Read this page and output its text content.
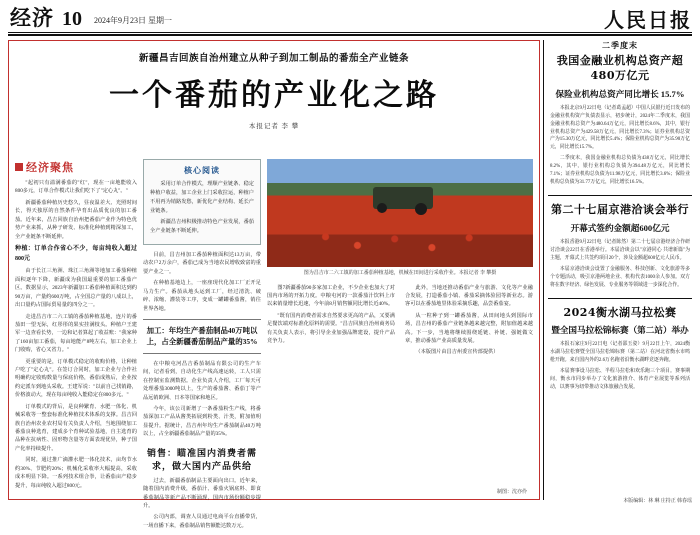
经济 10 2024年9月23日 星期一	人民日报
新疆昌吉回族自治州建立从种子到加工制品的番茄全产业链条
一个番茄的产业化之路
本报记者 李 攀
经济聚焦

"起初只有溢满番茄的"红"，现在一亩地能收入800多元，订单合作模式让我们吃下了"定心丸"。"

新疆番茄种植历史悠久，昼夜温差大、光照时间长，得天独厚的自然条件孕育出品质优良的加工番茄。近年来，昌吉回族自治州把番茄产业作为特色优势产业来抓，从种子研发、标准化种植到精深加工，全产业链条不断延伸。

种植：订单合作省心不少，每亩纯收入超过800元

由于长江三角洲、珠江三角洲等地加工番茄种植面积逐年下降，新疆成为我国最重要的加工番茄产区。数据显示，2023年新疆加工番茄种植面积达到约90万亩，产量约600万吨，占全国总产量的八成以上，出口量约占国际贸易量的四分之一。

走进昌吉市二六工镇的番茄种植基地，连片的番茄田一望无际，红彤彤的果实挂满枝头。种植户王建军一边查看长势，一边和记者算起了收益账："我家种了160亩加工番茄，每亩地能产8吨左右，加工企业上门收购，省心又省力。"

更重要的是，订单模式稳定的收购价格，让种植户吃了"定心丸"。在签订合同时，加工企业与合作社明确约定收购数量与保底价格，番茄成熟后，企业按约定派车到地头采收。王建军说："以前自己找销路，价格波动大，现在每亩纯收入能稳定在800多元。"

订单模式的背后，是良种繁育、水肥一体化、机械采收等一整套标准化种植技术体系的支撑。昌吉回族自治州农业农村局有关负责人介绍，当地围绕加工番茄良种选育，建成多个育种试验基地，自主选育的品种在抗病性、固形物含量等方面表现优异，种子国产化率持续提升。

同时，通过推广滴灌水肥一体化技术，亩均节水约30%、节肥约20%；机械化采收率大幅提高，采收成本明显下降。一系列技术组合拳，让番茄亩产稳步提升，每亩纯收入超过800元。

核心阅读

采用订单合作模式，理顺产业链条、稳定种植户收益，加工企业上门采收拉运，种植户不用再为销路发愁，新优化产业结构、延长产业链条。

新疆昌吉州积极推动特色产业发展，番茄全产业链条不断延伸。

目前，昌吉州加工番茄种植面积达13万亩，带动农户2万余户，番茄已成为当地农民增收致富的重要产业之一。

在种植基地边上，一座座现代化加工厂正开足马力生产。番茄从地头运到工厂，经过清洗、破碎、浓缩、灌装等工序，变成一罐罐番茄酱，销往世界各地。

加工：年均生产番茄制品40万吨以上，占全新疆番茄制品产量的35%

在中粮屯河昌吉番茄制品有限公司的生产车间，记者看到，自动化生产线高速运转，工人只需在控制室监测数据。企业负责人介绍，工厂每天可处理番茄3000吨以上，生产的番茄酱、番茄丁等产品远销欧洲、日本等国家和地区。

今年，该公司新增了一条番茄粉生产线，将番茄深加工产品从酱类拓展到粉类、汁类，附加值明显提升。据统计，昌吉州年均生产番茄制品40万吨以上，占全新疆番茄制品产量的35%。

销售：瞄准国内消费者需求，做大国内产品供给

过去，新疆番茄制品主要面向出口。近年来，随着国内消费升级，番茄汁、番茄火锅底料、即食番茄制品等新产品不断涌现，国内市场份额稳步提升。

公司内部，调查人员通过电商平台直播带货，一场直播下来，番茄制品销售额能达数万元。

图为昌吉市二六工镇的加工番茄种植基地，机械在田间进行采收作业。本报记者 李 攀摄

图7新疆番茄90多家加工企业，不少企业也加大了对国内市场的开拓力度。中粮屯河的一款番茄汁饮料上市以来销量增长迅速，今年前8月销售额同比增长近40%。

"既有国内消费者需求自然要求更高的产品，又要满足餐饮端对标准化原料的需要。"昌吉回族自治州商务局有关负责人表示，将引导企业加强品牌建设，提升产品竞争力。

此外，当地还推动番茄产业与旅游、文化等产业融合发展，打造番茄小镇、番茄采摘体验园等新业态。游客可以在番茄地里体验采摘乐趣，品尝番茄宴。

从一粒种子到一罐番茄酱，从田间地头到国际市场，昌吉州的番茄产业链条越来越完整，附加值越来越高。下一步，当地将继续围绕延链、补链、强链做文章，推动番茄产业高质量发展。

（本版图片由昌吉州委宣传部提供）

制图：沈亦伶
二季度末
我国金融业机构总资产超480万亿元
保险业机构总资产同比增长 15.7%

本报北京9月22日电（记者葛孟超）中国人民银行近日发布的金融业机构资产负债表显示，初步统计，2024年二季度末，我国金融业机构总资产为480.64万亿元，同比增长8.6%，其中，银行业机构总资产为429.58万亿元，同比增长7.3%；证券业机构总资产为15.30万亿元，同比增长5.4%；保险业机构总资产为35.90万亿元，同比增长15.7%。

二季度末，我国金融业机构总负债为438万亿元，同比增长8.2%，其中，银行业机构总负债为394.48万亿元，同比增长7.1%；证券业机构总负债为11.98万亿元，同比增长3.6%；保险业机构总负债为31.77万亿元，同比增长16.5%。

第二十七届京港洽谈会举行
开幕式签约金额超600亿元

本报香港9月22日电（记者陈然）第二十七届京港经济合作研讨洽谈会22日在香港举行。本届洽谈会以"京港同心 共谱新篇"为主题，开幕式上共签约项目20个，涉及金额超600亿元人民币。

本届京港洽谈会设置了金融服务、科技创新、文化旅游等多个专题活动，吸引京港两地企业、机构代表1000余人参加。双方将在数字经济、绿色发展、专业服务等领域进一步深化合作。

2024衡水湖马拉松赛
暨全国马拉松锦标赛（第二站）举办

本报石家庄9月22日电（记者邵玉姿）9月22日上午，2024衡水湖马拉松赛暨全国马拉松锦标赛（第二站）在河北省衡水市鸣枪开跑。来自国内外的2.6万名跑者沿衡水湖畔竞逐奔跑。

本届赛事设马拉松、半程马拉松和欢乐跑三个项目。赛事期间，衡水市同步举办了文化旅游推介、体育产业展览等系列活动，以赛事为纽带推动文体旅融合发展。

本版编辑：林 琳 庄持正 韩春瑶
